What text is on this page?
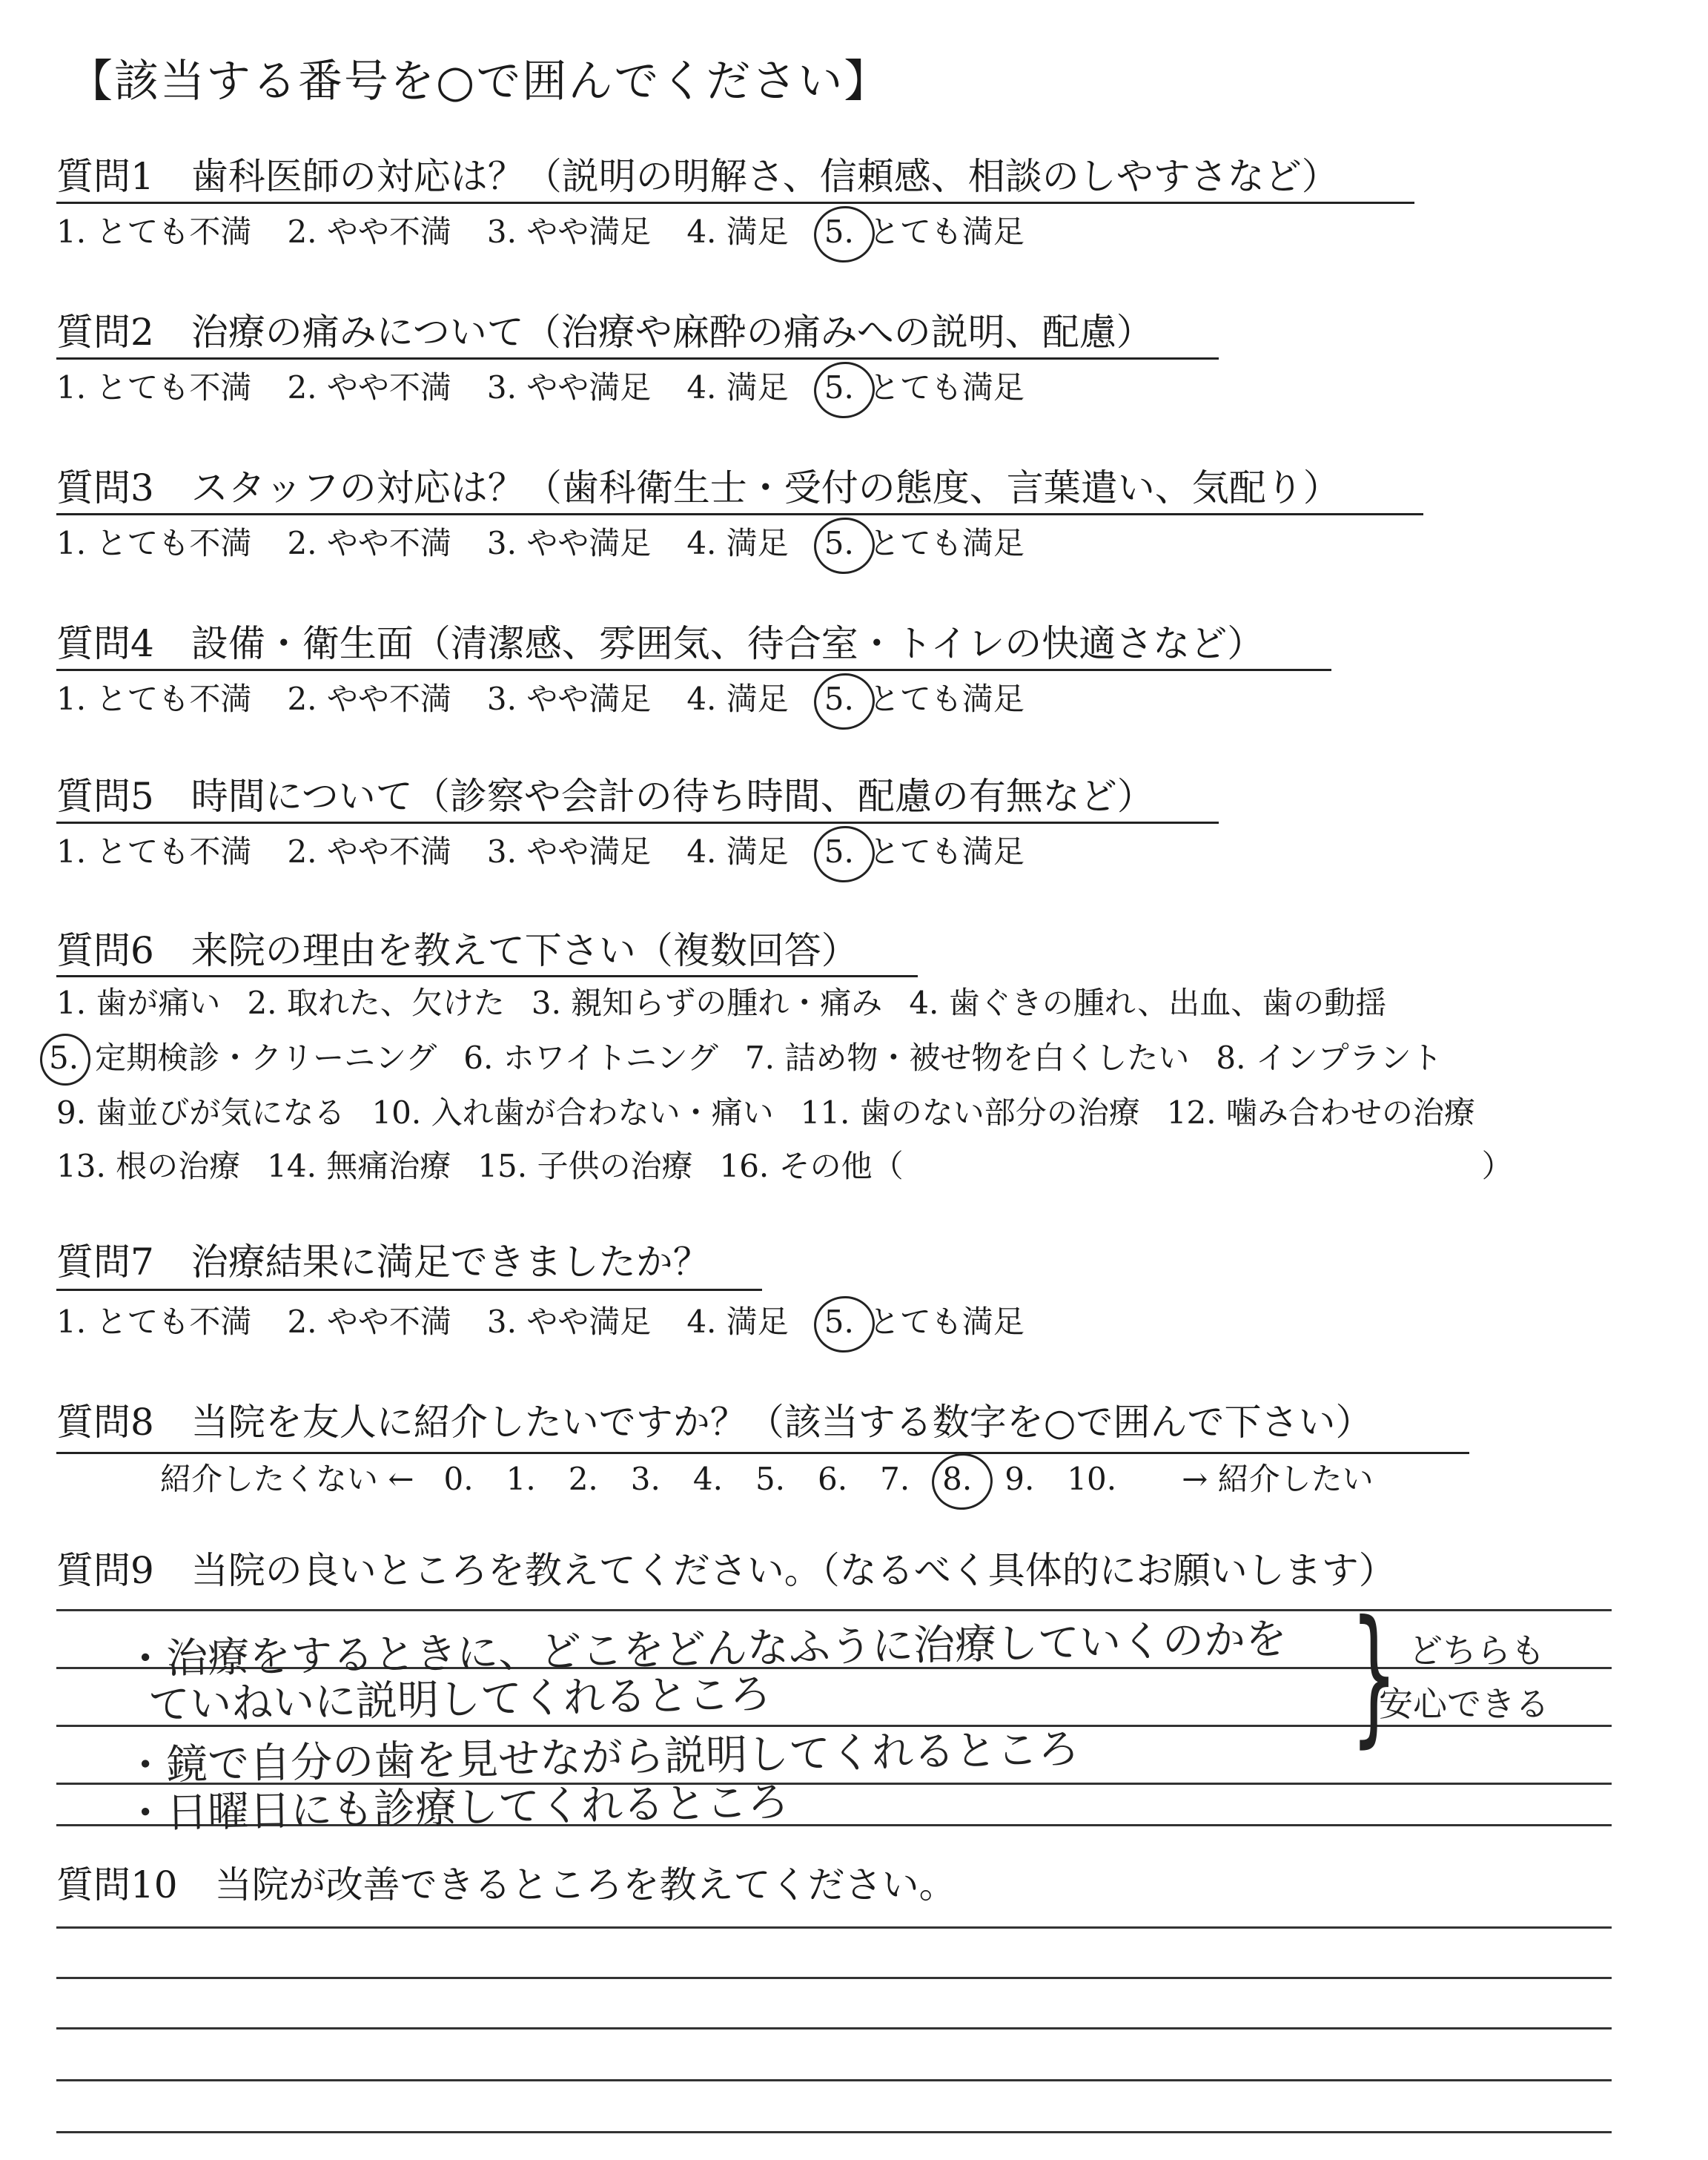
【該当する番号を○で囲んでください】
質問1　歯科医師の対応は？（説明の明解さ、信頼感、相談のしやすさなど）
1. とても不満 2. やや不満 3. やや満足 4. 満足 5. とても満足
質問2　治療の痛みについて（治療や麻酔の痛みへの説明、配慮）
1. とても不満 2. やや不満 3. やや満足 4. 満足 5. とても満足
質問3　スタッフの対応は？（歯科衛生士・受付の態度、言葉遣い、気配り）
1. とても不満 2. やや不満 3. やや満足 4. 満足 5. とても満足
質問4　設備・衛生面（清潔感、雰囲気、待合室・トイレの快適さなど）
1. とても不満 2. やや不満 3. やや満足 4. 満足 5. とても満足
質問5　時間について（診察や会計の待ち時間、配慮の有無など）
1. とても不満 2. やや不満 3. やや満足 4. 満足 5. とても満足
質問6　来院の理由を教えて下さい（複数回答）
1. 歯が痛い 2. 取れた、欠けた 3. 親知らずの腫れ・痛み 4. 歯ぐきの腫れ、出血、歯の動揺
5. 定期検診・クリーニング 6. ホワイトニング 7. 詰め物・被せ物を白くしたい 8. インプラント
9. 歯並びが気になる 10. 入れ歯が合わない・痛い 11. 歯のない部分の治療 12. 噛み合わせの治療
13. 根の治療 14. 無痛治療 15. 子供の治療 16. その他（	）
質問7　治療結果に満足できましたか？
1. とても不満 2. やや不満 3. やや満足 4. 満足 5. とても満足
質問8　当院を友人に紹介したいですか？（該当する数字を○で囲んで下さい）
紹介したくない ← 0. 1. 2. 3. 4. 5. 6. 7. 8. 9. 10. → 紹介したい
質問9　当院の良いところを教えてください。（なるべく具体的にお願いします）
・治療をするときに、どこをどんなふうに治療していくのかを
ていねいに説明してくれるところ
・鏡で自分の歯を見せながら説明してくれるところ
・日曜日にも診療してくれるところ
} どちらも
安心できる
質問10　当院が改善できるところを教えてください。
